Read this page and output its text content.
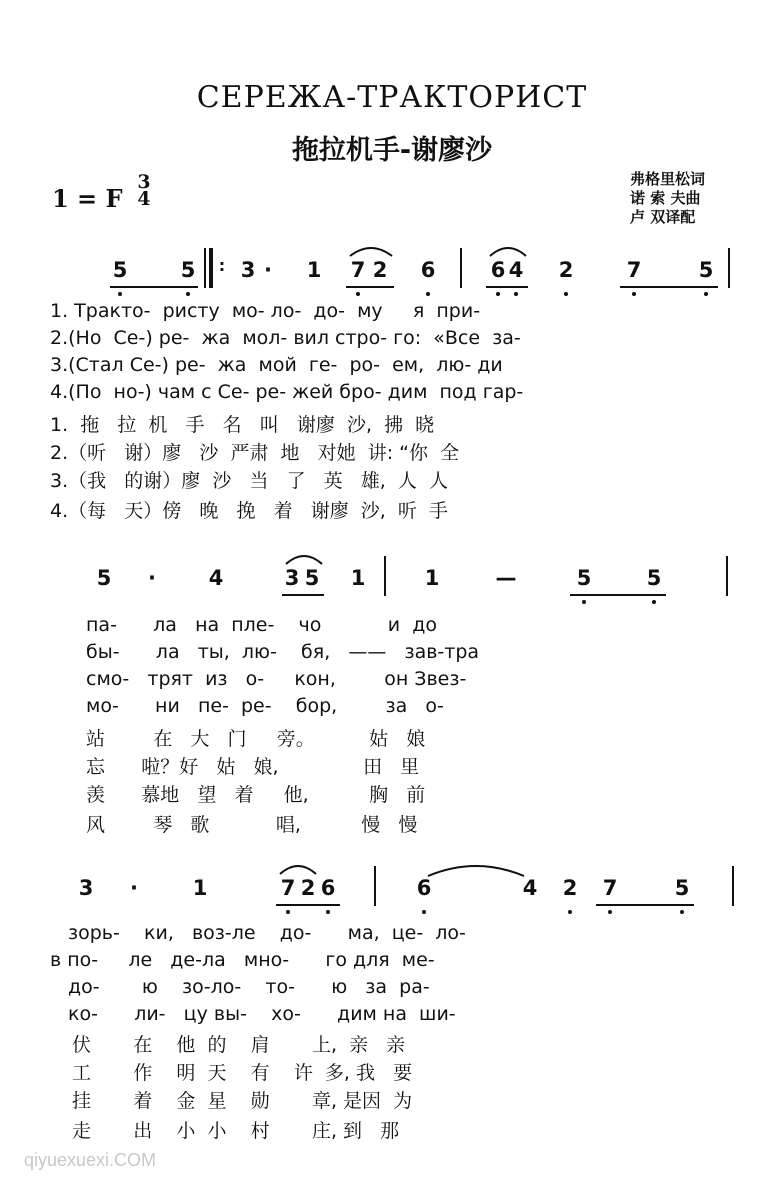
СЕРЕЖА-ТРАКТОРИСТ
拖拉机手-谢廖沙
1 = F
3
4
弗格里松词
诺 索 夫曲
卢 双译配
5	5 : 3 · 1 7 2 6	6 4 2	7	5
1. Тракто-  ристу  мо- ло-  до-  му     я  при-
2.(Но  Се-) ре-  жа  мол- вил стро- го:  «Все  за-
3.(Стал Се-) ре-  жа  мой  ге-  ро-  ем,  лю- ди
4.(По  но-) чам с Се- ре- жей бро- дим  под гар-
1.  拖   拉  机   手   名   叫   谢廖  沙,  拂  晓
2.（听   谢）廖   沙  严肃  地   对她  讲: “你  全
3.（我   的谢）廖  沙   当   了   英   雄,  人  人
4.（每   天）傍   晚   挽   着   谢廖  沙,  听  手
5 ·	4	3 5 1	1	—	5	5
па-      ла   на  пле-    чо           и  до
бы-      ла   ты,  лю-    бя,   ——   зав-тра
смо-   трят  из   о-     кон,        он Звез-
мо-      ни   пе-  ре-    бор,        за   о-
站        在   大   门     旁。         姑   娘
忘      啦？好   姑   娘,              田   里
羡      慕地   望   着     他,          胸   前
风        琴   歌           唱,          慢   慢
3 ·	1	7 2 6	6	4 2 7	5
зорь-    ки,   воз-ле    до-      ма,  це-  ло-
в по-     ле   де-ла   мно-      го для  ме-
до-       ю    зо-ло-    то-      ю   за  ра-
ко-      ли-   цу вы-    хо-      дим на  ши-
伏       在    他  的    肩       上,  亲   亲
工       作    明  天    有    许  多, 我   要
挂       着    金  星    勋       章, 是因  为
走       出    小  小    村       庄, 到   那
qiyuexuexi.COM
